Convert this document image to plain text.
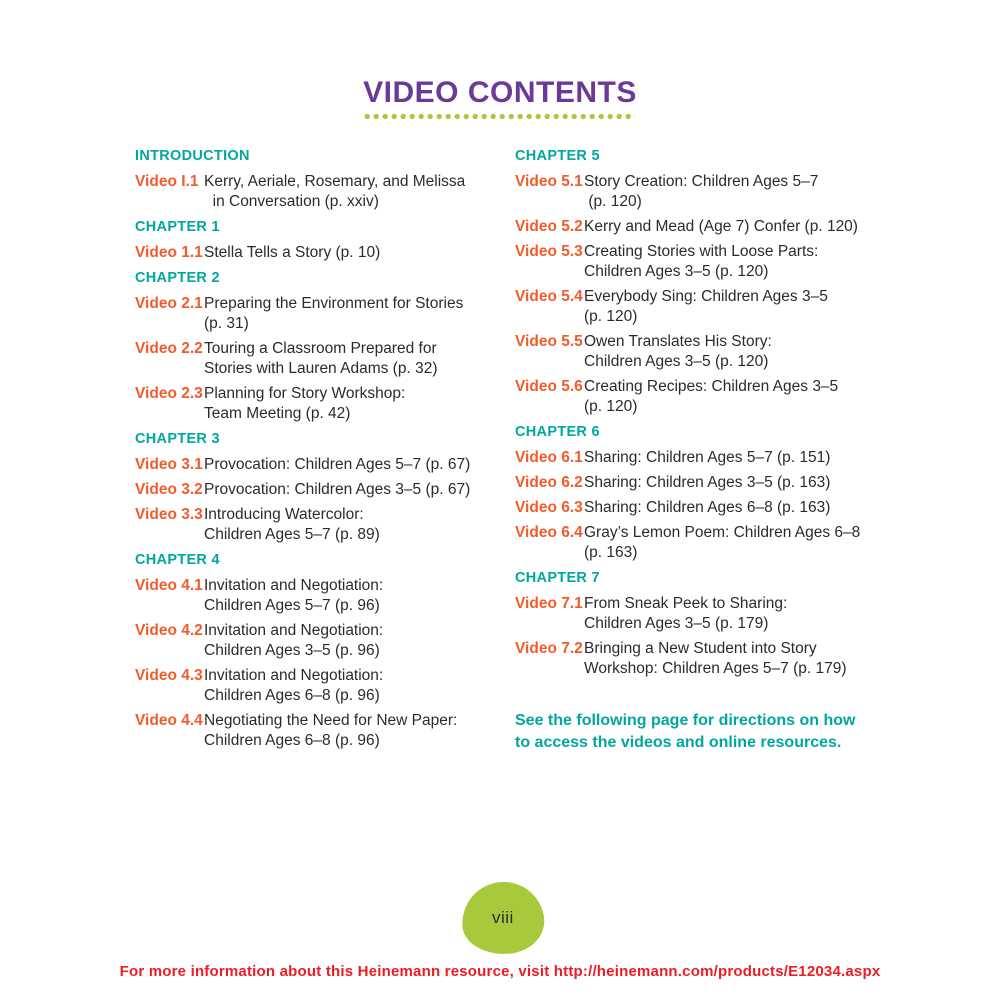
VIDEO CONTENTS
INTRODUCTION
Video I.1 Kerry, Aeriale, Rosemary, and Melissa
in Conversation (p. xxiv)
CHAPTER 1
Video 1.1 Stella Tells a Story (p. 10)
CHAPTER 2
Video 2.1 Preparing the Environment for Stories
(p. 31)
Video 2.2 Touring a Classroom Prepared for
Stories with Lauren Adams (p. 32)
Video 2.3 Planning for Story Workshop:
Team Meeting (p. 42)
CHAPTER 3
Video 3.1 Provocation: Children Ages 5–7 (p. 67)
Video 3.2 Provocation: Children Ages 3–5 (p. 67)
Video 3.3 Introducing Watercolor:
Children Ages 5–7 (p. 89)
CHAPTER 4
Video 4.1 Invitation and Negotiation:
Children Ages 5–7 (p. 96)
Video 4.2 Invitation and Negotiation:
Children Ages 3–5 (p. 96)
Video 4.3 Invitation and Negotiation:
Children Ages 6–8 (p. 96)
Video 4.4 Negotiating the Need for New Paper:
Children Ages 6–8 (p. 96)
CHAPTER 5
Video 5.1 Story Creation: Children Ages 5–7
(p. 120)
Video 5.2 Kerry and Mead (Age 7) Confer (p. 120)
Video 5.3 Creating Stories with Loose Parts:
Children Ages 3–5 (p. 120)
Video 5.4 Everybody Sing: Children Ages 3–5
(p. 120)
Video 5.5 Owen Translates His Story:
Children Ages 3–5 (p. 120)
Video 5.6 Creating Recipes: Children Ages 3–5
(p. 120)
CHAPTER 6
Video 6.1 Sharing: Children Ages 5–7 (p. 151)
Video 6.2 Sharing: Children Ages 3–5 (p. 163)
Video 6.3 Sharing: Children Ages 6–8 (p. 163)
Video 6.4 Gray’s Lemon Poem: Children Ages 6–8
(p. 163)
CHAPTER 7
Video 7.1 From Sneak Peek to Sharing:
Children Ages 3–5 (p. 179)
Video 7.2 Bringing a New Student into Story
Workshop: Children Ages 5–7 (p. 179)
See the following page for directions on how to access the videos and online resources.
viii
For more information about this Heinemann resource, visit http://heinemann.com/products/E12034.aspx
